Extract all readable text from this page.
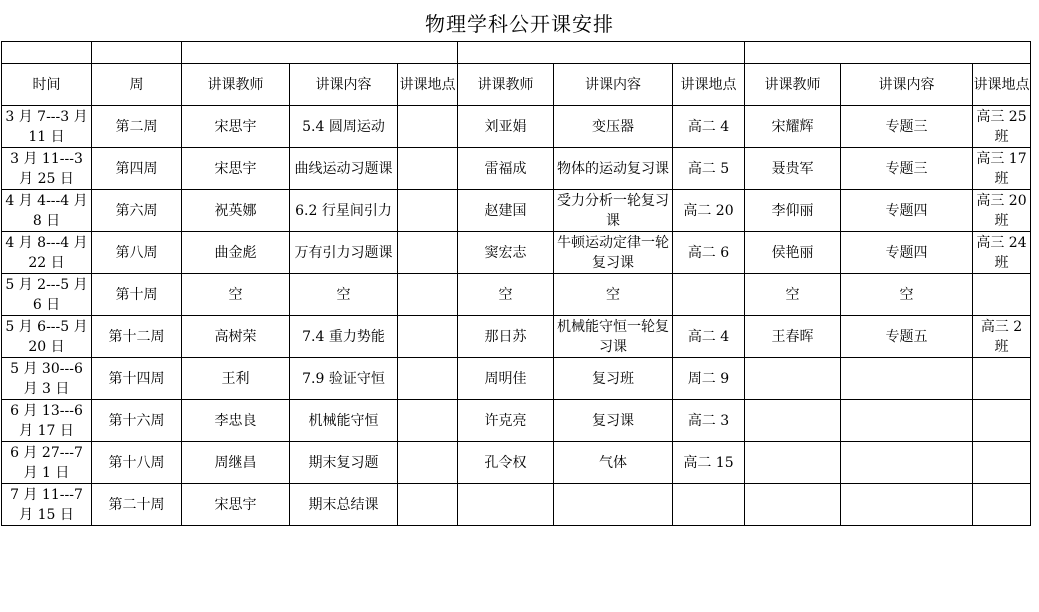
物理学科公开课安排

时间	周	讲课教师	讲课内容	讲课地点	讲课教师	讲课内容	讲课地点	讲课教师	讲课内容	讲课地点
3 月 7---3 月 11 日	第二周	宋思宇	5.4 圆周运动		刘亚娟	变压器	高二 4	宋耀辉	专题三	高三 25 班
3 月 11---3 月 25 日	第四周	宋思宇	曲线运动习题课		雷福成	物体的运动复习课	高二 5	聂贵军	专题三	高三 17 班
4 月 4---4 月 8 日	第六周	祝英娜	6.2 行星间引力		赵建国	受力分析一轮复习课	高二 20	李仰丽	专题四	高三 20 班
4 月 8---4 月 22 日	第八周	曲金彪	万有引力习题课		窦宏志	牛顿运动定律一轮复习课	高二 6	侯艳丽	专题四	高三 24 班
5 月 2---5 月 6 日	第十周	空	空		空	空		空	空	
5 月 6---5 月 20 日	第十二周	高树荣	7.4 重力势能		那日苏	机械能守恒一轮复习课	高二 4	王春晖	专题五	高三 2 班
5 月 30---6 月 3 日	第十四周	王利	7.9 验证守恒		周明佳	复习班	周二 9			
6 月 13---6 月 17 日	第十六周	李忠良	机械能守恒		许克亮	复习课	高二 3			
6 月 27---7 月 1 日	第十八周	周继昌	期末复习题		孔令权	气体	高二 15			
7 月 11---7 月 15 日	第二十周	宋思宇	期末总结课							
